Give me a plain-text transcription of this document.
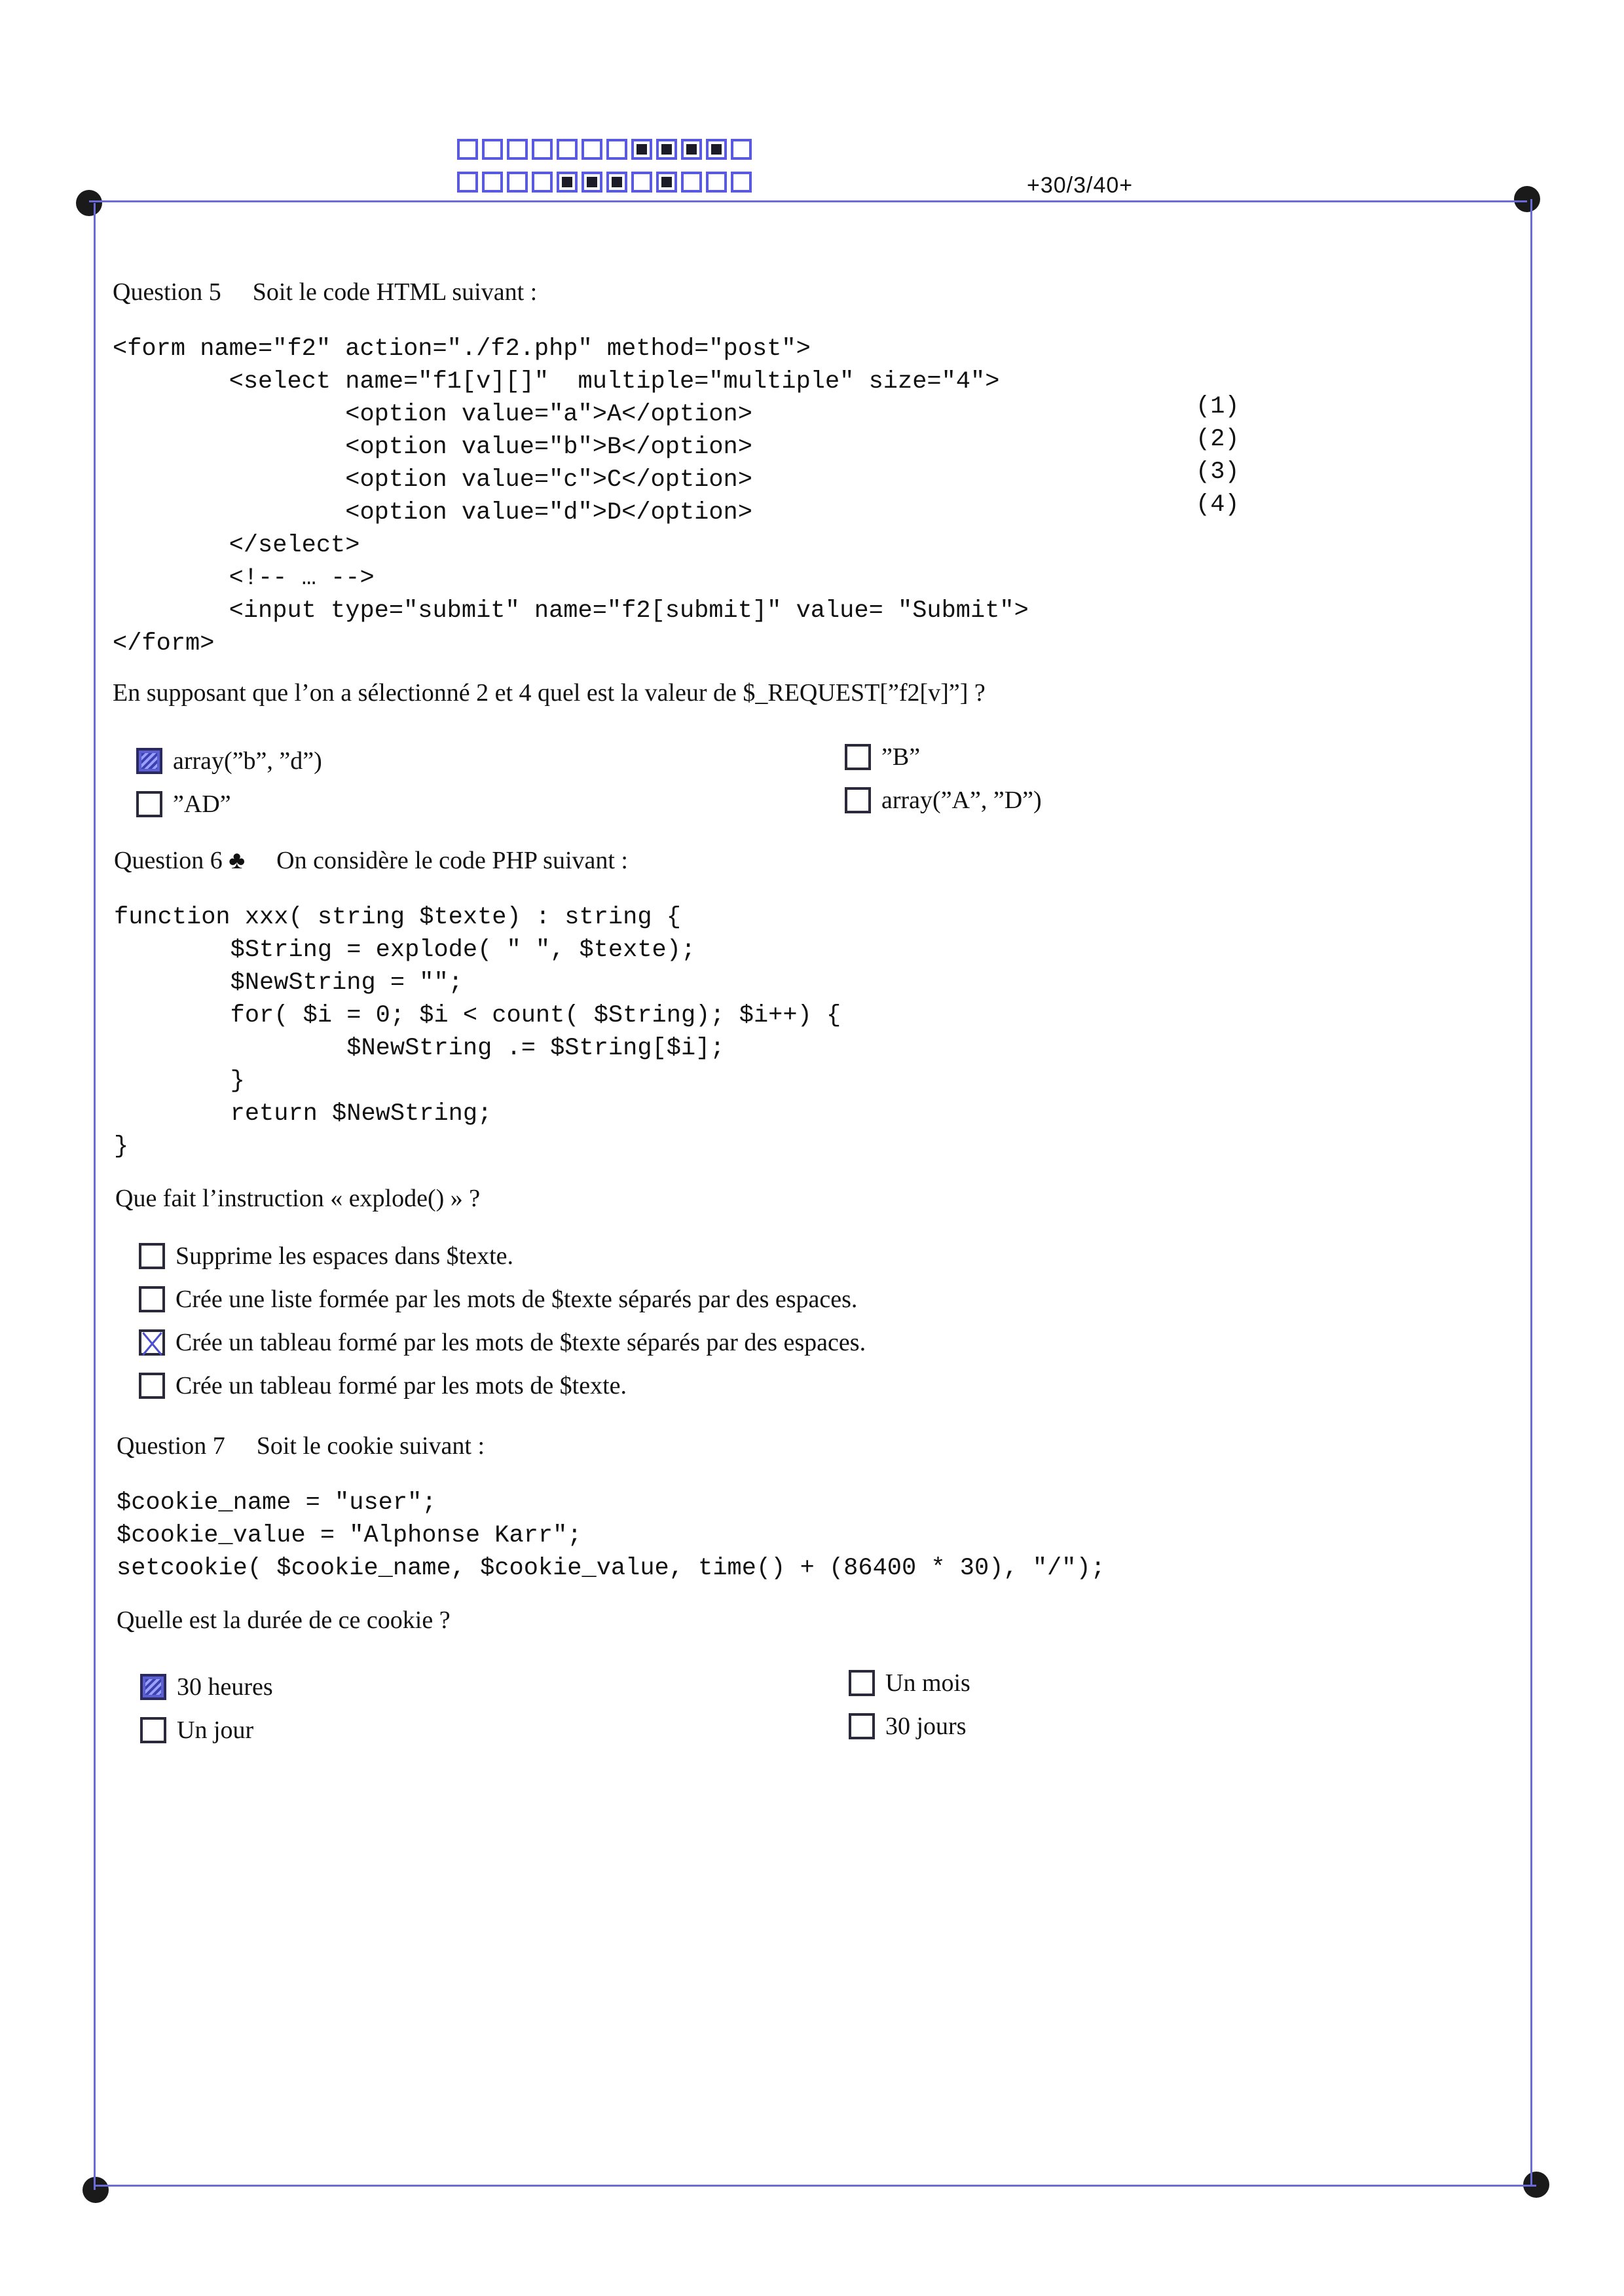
+30/3/40+
Question 5 Soit le code HTML suivant :
<form name="f2" action="./f2.php" method="post">
<select name="f1[v][]"  multiple="multiple" size="4">
<option value="a">A</option>
<option value="b">B</option>
<option value="c">C</option>
<option value="d">D</option>
</select>
<!-- … -->
<input type="submit" name="f2[submit]" value= "Submit">
</form>
(1)
(2)
(3)
(4)
En supposant que l’on a sélectionné 2 et 4 quel est la valeur de $_REQUEST[”f2[v]”] ?
array(”b”, ”d”)
”AD”
”B”
array(”A”, ”D”)
Question 6 ♣ On considère le code PHP suivant :
function xxx( string $texte) : string {
$String = explode( " ", $texte);
$NewString = "";
for( $i = 0; $i < count( $String); $i++) {
$NewString .= $String[$i];
}
return $NewString;
}
Que fait l’instruction « explode() » ?
Supprime les espaces dans $texte.
Crée une liste formée par les mots de $texte séparés par des espaces.
Crée un tableau formé par les mots de $texte séparés par des espaces.
Crée un tableau formé par les mots de $texte.
Question 7 Soit le cookie suivant :
$cookie_name = "user";
$cookie_value = "Alphonse Karr";
setcookie( $cookie_name, $cookie_value, time() + (86400 * 30), "/");
Quelle est la durée de ce cookie ?
30 heures
Un jour
Un mois
30 jours
